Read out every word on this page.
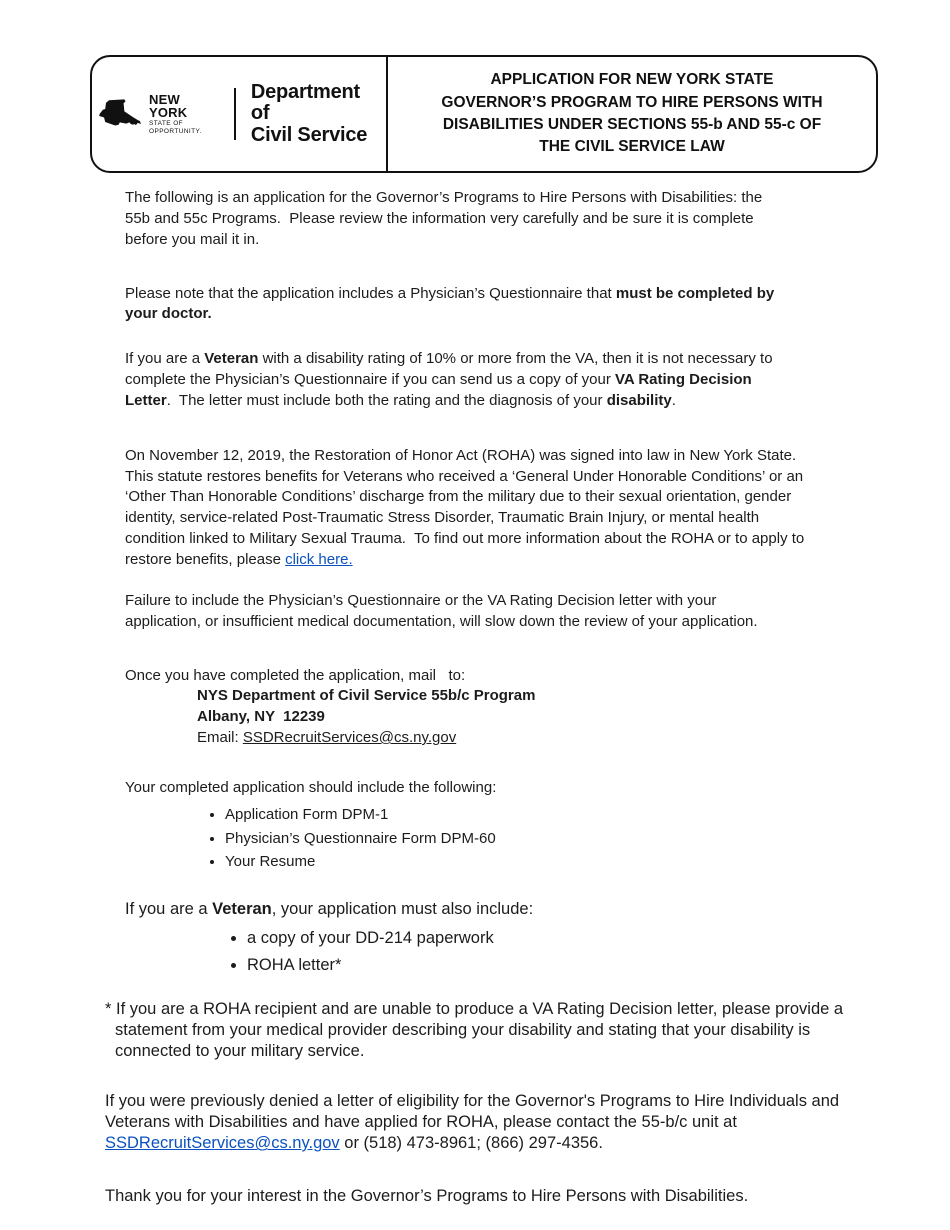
NEW YORK
STATE OF
OPPORTUNITY.
Department of
Civil Service
APPLICATION FOR NEW YORK STATE
GOVERNOR’S PROGRAM TO HIRE PERSONS WITH
DISABILITIES UNDER SECTIONS 55-b AND 55-c OF
THE CIVIL SERVICE LAW

The following is an application for the Governor’s Programs to Hire Persons with Disabilities: the 55b and 55c Programs.  Please review the information very carefully and be sure it is complete before you mail it in.

Please note that the application includes a Physician’s Questionnaire that must be completed by your doctor.

If you are a Veteran with a disability rating of 10% or more from the VA, then it is not necessary to complete the Physician’s Questionnaire if you can send us a copy of your VA Rating Decision Letter.  The letter must include both the rating and the diagnosis of your disability.

On November 12, 2019, the Restoration of Honor Act (ROHA) was signed into law in New York State. This statute restores benefits for Veterans who received a ‘General Under Honorable Conditions’ or an ‘Other Than Honorable Conditions’ discharge from the military due to their sexual orientation, gender identity, service-related Post-Traumatic Stress Disorder, Traumatic Brain Injury, or mental health condition linked to Military Sexual Trauma.  To find out more information about the ROHA or to apply to restore benefits, please click here.

Failure to include the Physician’s Questionnaire or the VA Rating Decision letter with your application, or insufficient medical documentation, will slow down the review of your application.

Once you have completed the application, mail   to:

NYS Department of Civil Service 55b/c Program
Albany, NY  12239
Email: SSDRecruitServices@cs.ny.gov

Your completed application should include the following:

• Application Form DPM-1
• Physician’s Questionnaire Form DPM-60
• Your Resume

If you are a Veteran, your application must also include:

• a copy of your DD-214 paperwork
• ROHA letter*

* If you are a ROHA recipient and are unable to produce a VA Rating Decision letter, please provide a statement from your medical provider describing your disability and stating that your disability is connected to your military service.

If you were previously denied a letter of eligibility for the Governor's Programs to Hire Individuals and Veterans with Disabilities and have applied for ROHA, please contact the 55-b/c unit at SSDRecruitServices@cs.ny.gov or (518) 473-8961; (866) 297-4356.

Thank you for your interest in the Governor’s Programs to Hire Persons with Disabilities.
